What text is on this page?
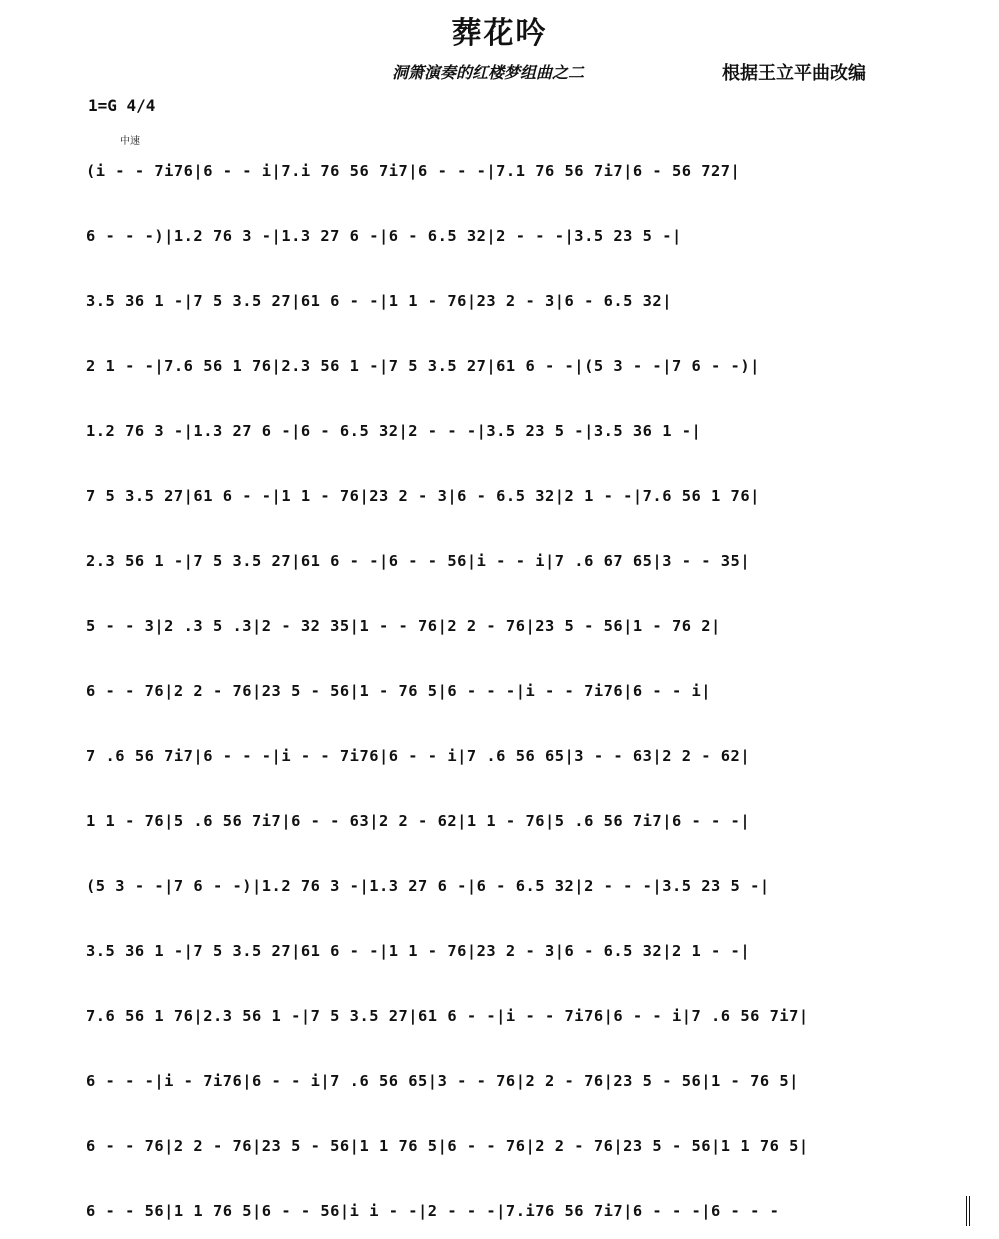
葬花吟
洞箫演奏的红楼梦组曲之二	根据王立平曲改编
1=G 4/4
中速
(i - - 7i76|6 - - i|7.i 76 56 7i7|6 - - -|7.1 76 56 7i7|6 - 56 727|
6 - - -)|1.2 76 3 -|1.3 27 6 -|6 - 6.5 32|2 - - -|3.5 23 5 -|
3.5 36 1 -|7 5 3.5 27|61 6 - -|1 1 - 76|23 2 - 3|6 - 6.5 32|
2 1 - -|7.6 56 1 76|2.3 56 1 -|7 5 3.5 27|61 6 - -|(5 3 - -|7 6 - -)|
1.2 76 3 -|1.3 27 6 -|6 - 6.5 32|2 - - -|3.5 23 5 -|3.5 36 1 -|
7 5 3.5 27|61 6 - -|1 1 - 76|23 2 - 3|6 - 6.5 32|2 1 - -|7.6 56 1 76|
2.3 56 1 -|7 5 3.5 27|61 6 - -|6 - - 56|i - - i|7 .6 67 65|3 - - 35|
5 - - 3|2 .3 5 .3|2 - 32 35|1 - - 76|2 2 - 76|23 5 - 56|1 - 76 2|
6 - - 76|2 2 - 76|23 5 - 56|1 - 76 5|6 - - -|i - - 7i76|6 - - i|
7 .6 56 7i7|6 - - -|i - - 7i76|6 - - i|7 .6 56 65|3 - - 63|2 2 - 62|
1 1 - 76|5 .6 56 7i7|6 - - 63|2 2 - 62|1 1 - 76|5 .6 56 7i7|6 - - -|
(5 3 - -|7 6 - -)|1.2 76 3 -|1.3 27 6 -|6 - 6.5 32|2 - - -|3.5 23 5 -|
3.5 36 1 -|7 5 3.5 27|61 6 - -|1 1 - 76|23 2 - 3|6 - 6.5 32|2 1 - -|
7.6 56 1 76|2.3 56 1 -|7 5 3.5 27|61 6 - -|i - - 7i76|6 - - i|7 .6 56 7i7|
6 - - -|i - 7i76|6 - - i|7 .6 56 65|3 - - 76|2 2 - 76|23 5 - 56|1 - 76 5|
6 - - 76|2 2 - 76|23 5 - 56|1 1 76 5|6 - - 76|2 2 - 76|23 5 - 56|1 1 76 5|
6 - - 56|1 1 76 5|6 - - 56|i i - -|2 - - -|7.i76 56 7i7|6 - - -|6 - - -
